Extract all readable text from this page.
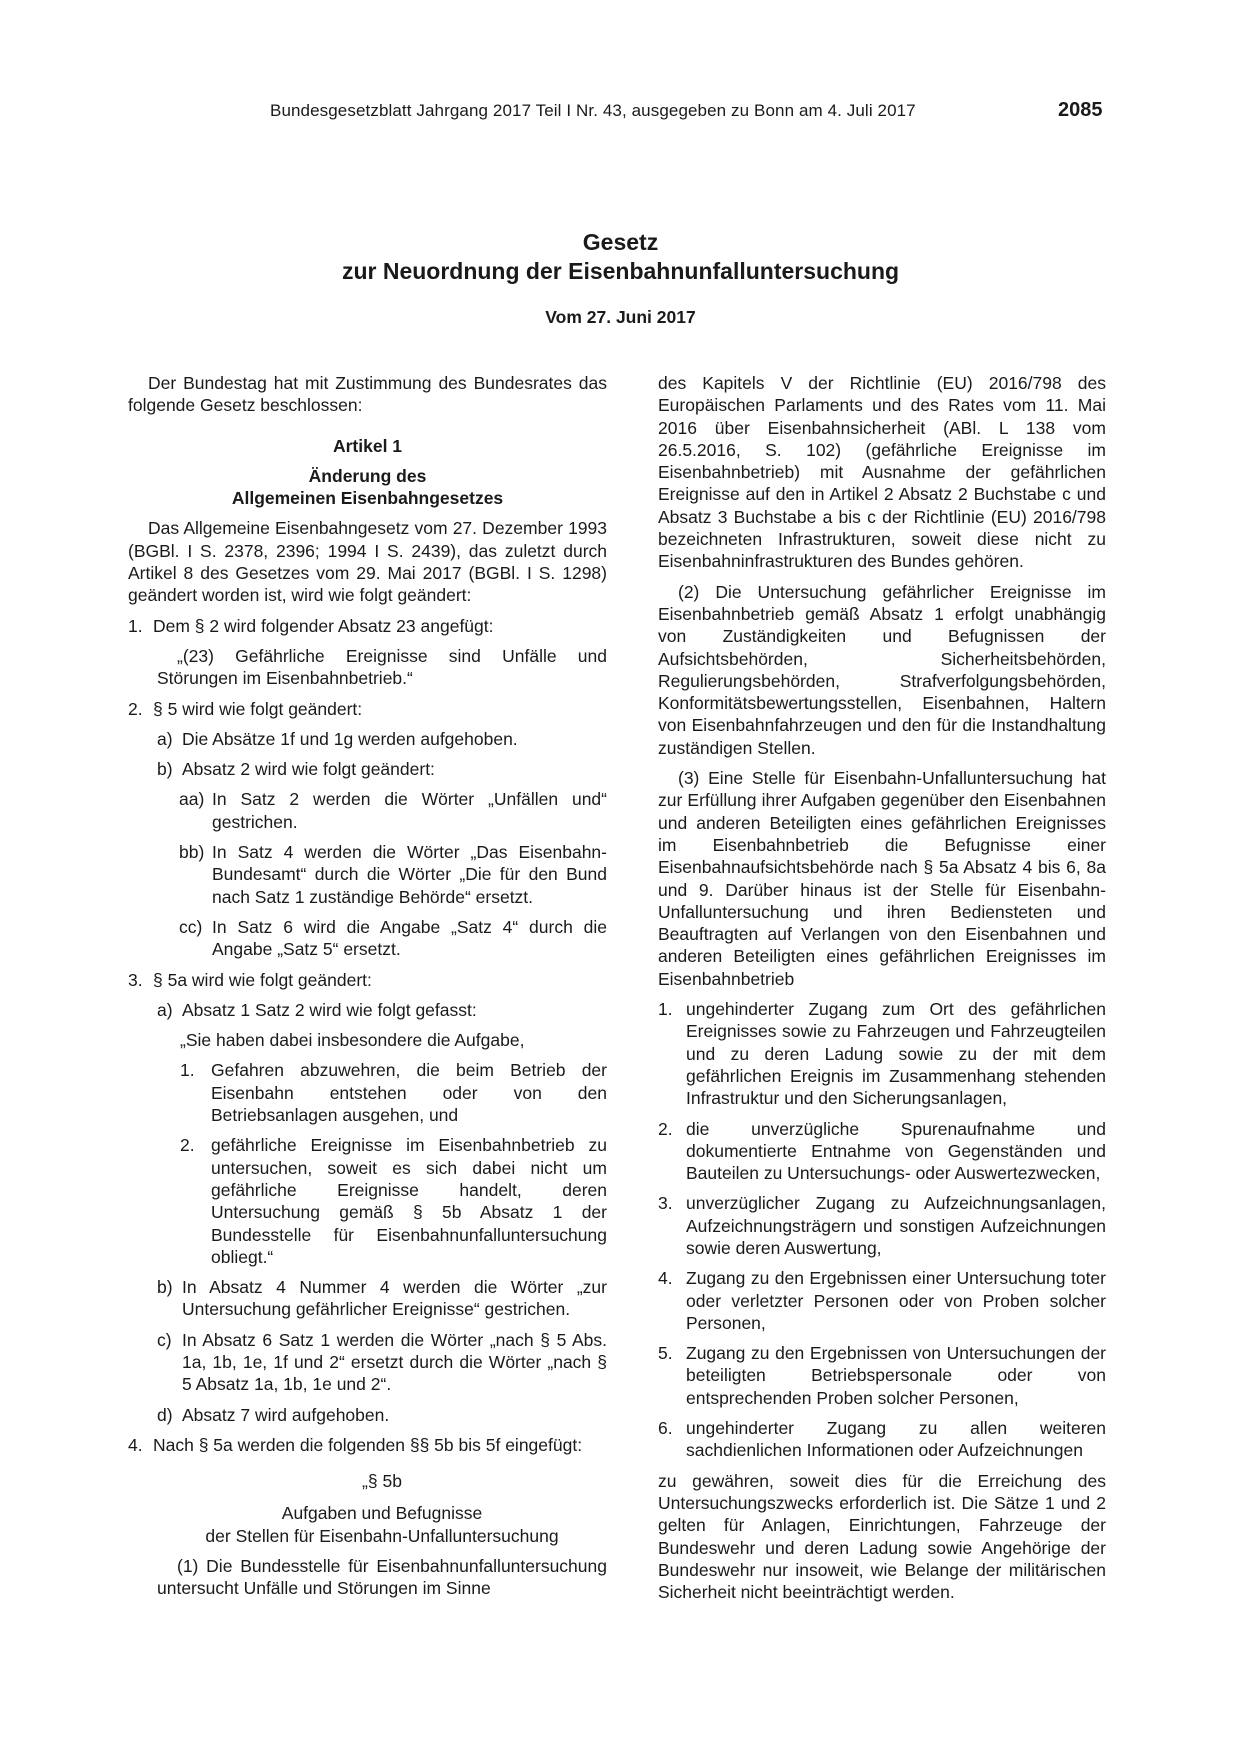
Bundesgesetzblatt Jahrgang 2017 Teil I Nr. 43, ausgegeben zu Bonn am 4. Juli 2017	2085
Gesetz
zur Neuordnung der Eisenbahnunfalluntersuchung
Vom 27. Juni 2017

Der Bundestag hat mit Zustimmung des Bundesrates das folgende Gesetz beschlossen:

Artikel 1
Änderung des
Allgemeinen Eisenbahngesetzes

Das Allgemeine Eisenbahngesetz vom 27. Dezember 1993 (BGBl. I S. 2378, 2396; 1994 I S. 2439), das zuletzt durch Artikel 8 des Gesetzes vom 29. Mai 2017 (BGBl. I S. 1298) geändert worden ist, wird wie folgt geändert:

1. Dem § 2 wird folgender Absatz 23 angefügt:

„(23) Gefährliche Ereignisse sind Unfälle und Störungen im Eisenbahnbetrieb.“

2. § 5 wird wie folgt geändert:
a) Die Absätze 1f und 1g werden aufgehoben.
b) Absatz 2 wird wie folgt geändert:
aa) In Satz 2 werden die Wörter „Unfällen und“ gestrichen.
bb) In Satz 4 werden die Wörter „Das Eisenbahn-Bundesamt“ durch die Wörter „Die für den Bund nach Satz 1 zuständige Behörde“ ersetzt.
cc) In Satz 6 wird die Angabe „Satz 4“ durch die Angabe „Satz 5“ ersetzt.
3. § 5a wird wie folgt geändert:
a) Absatz 1 Satz 2 wird wie folgt gefasst:

„Sie haben dabei insbesondere die Aufgabe,

1. Gefahren abzuwehren, die beim Betrieb der Eisenbahn entstehen oder von den Betriebsanlagen ausgehen, und
2. gefährliche Ereignisse im Eisenbahnbetrieb zu untersuchen, soweit es sich dabei nicht um gefährliche Ereignisse handelt, deren Untersuchung gemäß § 5b Absatz 1 der Bundesstelle für Eisenbahnunfalluntersuchung obliegt.“
b) In Absatz 4 Nummer 4 werden die Wörter „zur Untersuchung gefährlicher Ereignisse“ gestrichen.
c) In Absatz 6 Satz 1 werden die Wörter „nach § 5 Abs. 1a, 1b, 1e, 1f und 2“ ersetzt durch die Wörter „nach § 5 Absatz 1a, 1b, 1e und 2“.
d) Absatz 7 wird aufgehoben.
4. Nach § 5a werden die folgenden §§ 5b bis 5f eingefügt:
„§ 5b
Aufgaben und Befugnisse
der Stellen für Eisenbahn-Unfalluntersuchung

(1) Die Bundesstelle für Eisenbahnunfalluntersuchung untersucht Unfälle und Störungen im Sinne

des Kapitels V der Richtlinie (EU) 2016/798 des Europäischen Parlaments und des Rates vom 11. Mai 2016 über Eisenbahnsicherheit (ABl. L 138 vom 26.5.2016, S. 102) (gefährliche Ereignisse im Eisenbahnbetrieb) mit Ausnahme der gefährlichen Ereignisse auf den in Artikel 2 Absatz 2 Buchstabe c und Absatz 3 Buchstabe a bis c der Richtlinie (EU) 2016/798 bezeichneten Infrastrukturen, soweit diese nicht zu Eisenbahninfrastrukturen des Bundes gehören.

(2) Die Untersuchung gefährlicher Ereignisse im Eisenbahnbetrieb gemäß Absatz 1 erfolgt unabhängig von Zuständigkeiten und Befugnissen der Aufsichtsbehörden, Sicherheitsbehörden, Regulierungsbehörden, Strafverfolgungsbehörden, Konformitätsbewertungsstellen, Eisenbahnen, Haltern von Eisenbahnfahrzeugen und den für die Instandhaltung zuständigen Stellen.

(3) Eine Stelle für Eisenbahn-Unfalluntersuchung hat zur Erfüllung ihrer Aufgaben gegenüber den Eisenbahnen und anderen Beteiligten eines gefährlichen Ereignisses im Eisenbahnbetrieb die Befugnisse einer Eisenbahnaufsichtsbehörde nach § 5a Absatz 4 bis 6, 8a und 9. Darüber hinaus ist der Stelle für Eisenbahn-Unfalluntersuchung und ihren Bediensteten und Beauftragten auf Verlangen von den Eisenbahnen und anderen Beteiligten eines gefährlichen Ereignisses im Eisenbahnbetrieb

1. ungehinderter Zugang zum Ort des gefährlichen Ereignisses sowie zu Fahrzeugen und Fahrzeugteilen und zu deren Ladung sowie zu der mit dem gefährlichen Ereignis im Zusammenhang stehenden Infrastruktur und den Sicherungsanlagen,
2. die unverzügliche Spurenaufnahme und dokumentierte Entnahme von Gegenständen und Bauteilen zu Untersuchungs- oder Auswertezwecken,
3. unverzüglicher Zugang zu Aufzeichnungsanlagen, Aufzeichnungsträgern und sonstigen Aufzeichnungen sowie deren Auswertung,
4. Zugang zu den Ergebnissen einer Untersuchung toter oder verletzter Personen oder von Proben solcher Personen,
5. Zugang zu den Ergebnissen von Untersuchungen der beteiligten Betriebspersonale oder von entsprechenden Proben solcher Personen,
6. ungehinderter Zugang zu allen weiteren sachdienlichen Informationen oder Aufzeichnungen

zu gewähren, soweit dies für die Erreichung des Untersuchungszwecks erforderlich ist. Die Sätze 1 und 2 gelten für Anlagen, Einrichtungen, Fahrzeuge der Bundeswehr und deren Ladung sowie Angehörige der Bundeswehr nur insoweit, wie Belange der militärischen Sicherheit nicht beeinträchtigt werden.
